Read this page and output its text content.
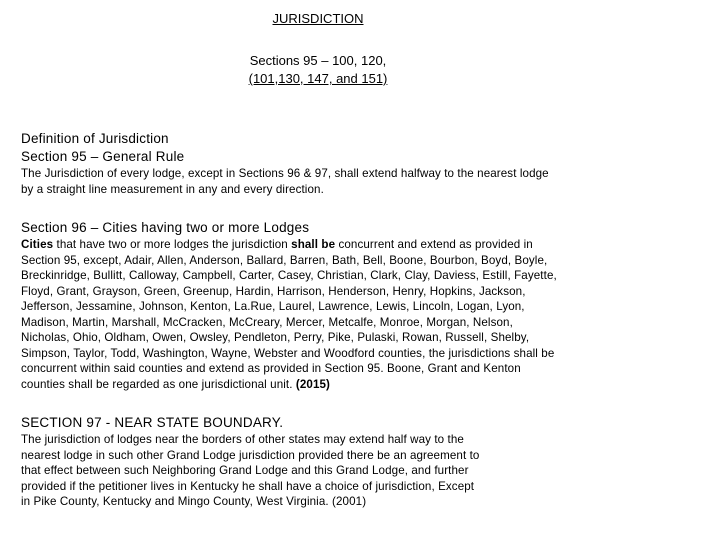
JURISDICTION
Sections 95 – 100, 120,
(101,130, 147, and 151)
Definition of Jurisdiction
Section 95 – General Rule
The Jurisdiction of every lodge, except in Sections 96 & 97, shall extend halfway to the nearest lodge
by a straight line measurement in any and every direction.
Section 96 – Cities having two or more Lodges
Cities that have two or more lodges the jurisdiction shall be concurrent and extend as provided in
Section 95, except, Adair, Allen, Anderson, Ballard, Barren, Bath, Bell, Boone, Bourbon, Boyd, Boyle,
Breckinridge, Bullitt, Calloway, Campbell, Carter, Casey, Christian, Clark, Clay, Daviess, Estill, Fayette,
Floyd, Grant, Grayson, Green, Greenup, Hardin, Harrison, Henderson, Henry, Hopkins, Jackson,
Jefferson, Jessamine, Johnson, Kenton, La.Rue, Laurel, Lawrence, Lewis, Lincoln, Logan, Lyon,
Madison, Martin, Marshall, McCracken, McCreary, Mercer, Metcalfe, Monroe, Morgan, Nelson,
Nicholas, Ohio, Oldham, Owen, Owsley, Pendleton, Perry, Pike, Pulaski, Rowan, Russell, Shelby,
Simpson, Taylor, Todd, Washington, Wayne, Webster and Woodford counties, the jurisdictions shall be
concurrent within said counties and extend as provided in Section 95. Boone, Grant and Kenton
counties shall be regarded as one jurisdictional unit. (2015)
SECTION 97 - NEAR STATE BOUNDARY.
The jurisdiction of lodges near the borders of other states may extend half way to the
nearest lodge in such other Grand Lodge jurisdiction provided there be an agreement to
that effect between such Neighboring Grand Lodge and this Grand Lodge, and further
provided if the petitioner lives in Kentucky he shall have a choice of jurisdiction, Except
in Pike County, Kentucky and Mingo County, West Virginia. (2001)
